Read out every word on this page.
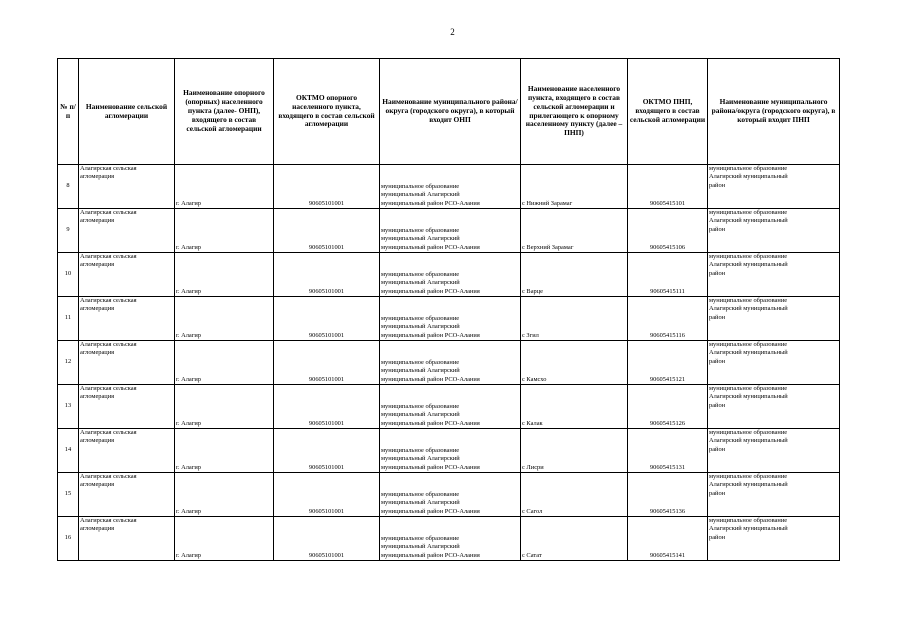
2
№ п/п	Наименование сельской агломерации	Наименование опорного (опорных) населенного пункта (далее- ОНП), входящего в состав сельской агломерации	ОКТМО опорного населенного пункта, входящего в состав сельской агломерации	Наименование муниципального района/округа (городского округа), в который входит ОНП	Наименование населенного пункта, входящего в состав сельской агломерации и прилегающего к опорному населенному пункту (далее – ПНП)	ОКТМО ПНП, входящего в состав сельской агломерации	Наименование муниципального района/округа (городского округа), в который входит ПНП
8	Алагирская сельская
агломерация	г. Алагир	90605101001	муниципальное образование
муниципальный Алагирский
муниципальный район РСО-Алания	с Нижний Зарамаг	90605415101	муниципальное образование
Алагирский муниципальный
район

9	Алагирская сельская
агломерация	г. Алагир	90605101001	муниципальное образование
муниципальный Алагирский
муниципальный район РСО-Алания	с Верхний Зарамаг	90605415106	муниципальное образование
Алагирский муниципальный
район

10	Алагирская сельская
агломерация	г. Алагир	90605101001	муниципальное образование
муниципальный Алагирский
муниципальный район РСО-Алания	с Варце	90605415111	муниципальное образование
Алагирский муниципальный
район

11	Алагирская сельская
агломерация	г. Алагир	90605101001	муниципальное образование
муниципальный Алагирский
муниципальный район РСО-Алания	с Згил	90605415116	муниципальное образование
Алагирский муниципальный
район

12	Алагирская сельская
агломерация	г. Алагир	90605101001	муниципальное образование
муниципальный Алагирский
муниципальный район РСО-Алания	с Камсхо	90605415121	муниципальное образование
Алагирский муниципальный
район

13	Алагирская сельская
агломерация	г. Алагир	90605101001	муниципальное образование
муниципальный Алагирский
муниципальный район РСО-Алания	с Калак	90605415126	муниципальное образование
Алагирский муниципальный
район

14	Алагирская сельская
агломерация	г. Алагир	90605101001	муниципальное образование
муниципальный Алагирский
муниципальный район РСО-Алания	с Лисри	90605415131	муниципальное образование
Алагирский муниципальный
район

15	Алагирская сельская
агломерация	г. Алагир	90605101001	муниципальное образование
муниципальный Алагирский
муниципальный район РСО-Алания	с Сагол	90605415136	муниципальное образование
Алагирский муниципальный
район

16	Алагирская сельская
агломерация	г. Алагир	90605101001	муниципальное образование
муниципальный Алагирский
муниципальный район РСО-Алания	с Сатат	90605415141	муниципальное образование
Алагирский муниципальный
район
